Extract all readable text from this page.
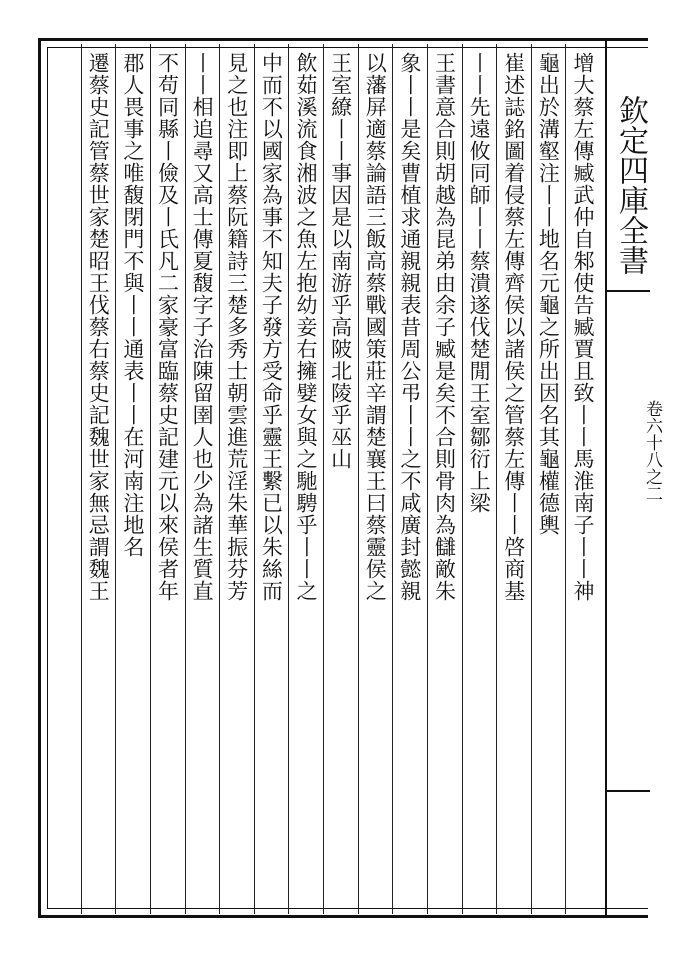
欽定四庫全書
卷六十八之二
增大蔡左傳臧武仲自邾使告臧賈且致丨丨馬淮南子丨丨神
龜出於溝壑注丨丨地名元龜之所出因名其龜權德輿
崔述誌銘圖着侵蔡左傳齊侯以諸侯之管蔡左傳丨丨啓商基
丨丨先遠攸同師丨丨蔡潰遂伐楚閒王室鄒衍上梁
王書意合則胡越為昆弟由余子臧是矣不合則骨肉為讎敵朱
象丨丨是矣曹植求通親親表昔周公弔丨丨之不咸廣封懿親
以藩屏適蔡論語三飯高蔡戰國策莊辛謂楚襄王曰蔡靈侯之
王室繚丨丨事因是以南游乎高陂北陵乎巫山
飲茹溪流食湘波之魚左抱幼妾右擁嬖女與之馳騁乎丨丨之
中而不以國家為事不知夫子發方受命乎靈王繫已以朱絲而
見之也注即上蔡阮籍詩三楚多秀士朝雲進荒淫朱華振芬芳
丨丨相追尋又高士傳夏馥字子治陳留圉人也少為諸生質直
不苟同縣丨儉及丨氏凡二家豪富臨蔡史記建元以來侯者年
郡人畏事之唯馥閉門不與丨丨通表丨丨在河南注地名
遷蔡史記管蔡世家楚昭王伐蔡右蔡史記魏世家無忌謂魏王
